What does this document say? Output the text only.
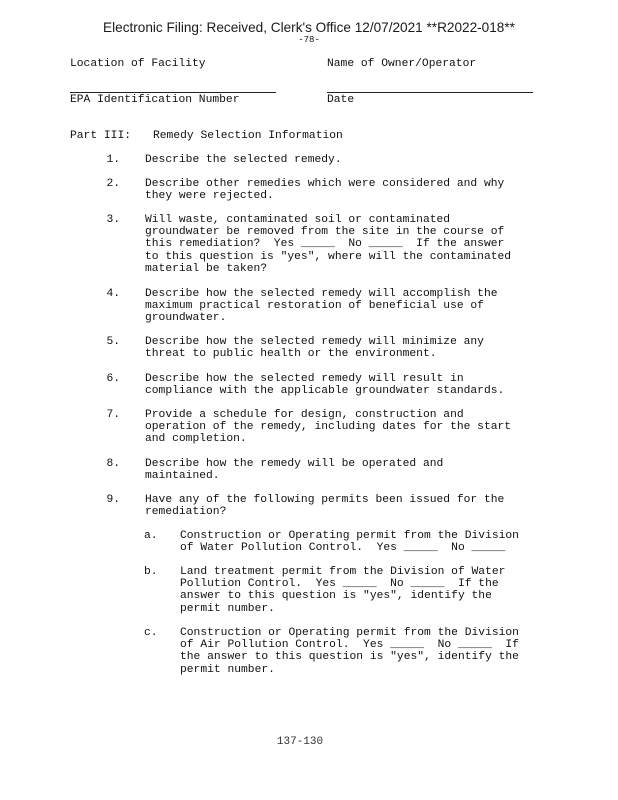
Electronic Filing: Received, Clerk's Office 12/07/2021 **R2022-018**
-78-
Location of Facility	Name of Owner/Operator
EPA Identification Number	Date
Part III: Remedy Selection Information
1. Describe the selected remedy.
2. Describe other remedies which were considered and why
they were rejected.
3. Will waste, contaminated soil or contaminated
groundwater be removed from the site in the course of
this remediation?  Yes _____  No _____  If the answer
to this question is "yes", where will the contaminated
material be taken?
4. Describe how the selected remedy will accomplish the
maximum practical restoration of beneficial use of
groundwater.
5. Describe how the selected remedy will minimize any
threat to public health or the environment.
6. Describe how the selected remedy will result in
compliance with the applicable groundwater standards.
7. Provide a schedule for design, construction and
operation of the remedy, including dates for the start
and completion.
8. Describe how the remedy will be operated and
maintained.
9. Have any of the following permits been issued for the
remediation?
a. Construction or Operating permit from the Division
of Water Pollution Control.  Yes _____  No _____
b. Land treatment permit from the Division of Water
Pollution Control.  Yes _____  No _____  If the
answer to this question is "yes", identify the
permit number.
c. Construction or Operating permit from the Division
of Air Pollution Control.  Yes _____  No _____  If
the answer to this question is "yes", identify the
permit number.
137-130
